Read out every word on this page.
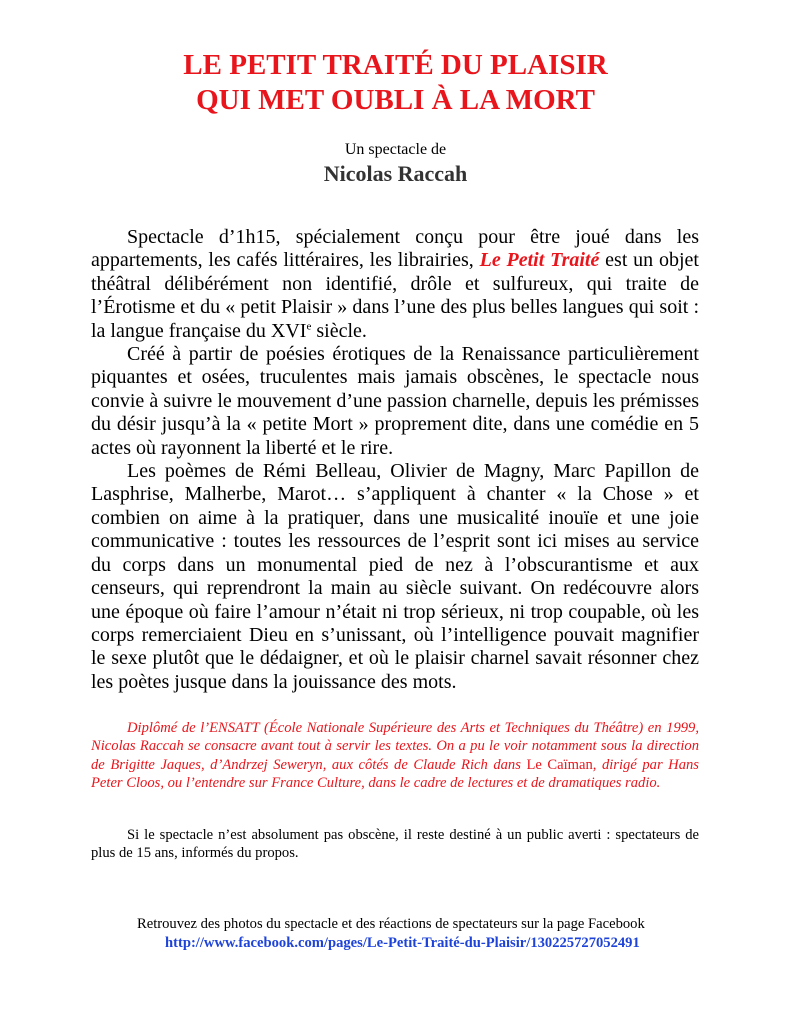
LE PETIT TRAITÉ DU PLAISIR
QUI MET OUBLI À LA MORT
Un spectacle de
Nicolas Raccah

Spectacle d’1h15, spécialement conçu pour être joué dans les appartements, les cafés littéraires, les librairies, Le Petit Traité est un objet théâtral délibérément non identifié, drôle et sulfureux, qui traite de l’Érotisme et du « petit Plaisir » dans l’une des plus belles langues qui soit : la langue française du XVIe siècle.

Créé à partir de poésies érotiques de la Renaissance particulièrement piquantes et osées, truculentes mais jamais obscènes, le spectacle nous convie à suivre le mouvement d’une passion charnelle, depuis les prémisses du désir jusqu’à la « petite Mort » proprement dite, dans une comédie en 5 actes où rayonnent la liberté et le rire.

Les poèmes de Rémi Belleau, Olivier de Magny, Marc Papillon de Lasphrise, Malherbe, Marot… s’appliquent à chanter « la Chose » et combien on aime à la pratiquer, dans une musicalité inouïe et une joie communicative : toutes les ressources de l’esprit sont ici mises au service du corps dans un monumental pied de nez à l’obscurantisme et aux censeurs, qui reprendront la main au siècle suivant. On redécouvre alors une époque où faire l’amour n’était ni trop sérieux, ni trop coupable, où les corps remerciaient Dieu en s’unissant, où l’intelligence pouvait magnifier le sexe plutôt que le dédaigner, et où le plaisir charnel savait résonner chez les poètes jusque dans la jouissance des mots.

Diplômé de l’ENSATT (École Nationale Supérieure des Arts et Techniques du Théâtre) en 1999, Nicolas Raccah se consacre avant tout à servir les textes. On a pu le voir notamment sous la direction de Brigitte Jaques, d’Andrzej Seweryn, aux côtés de Claude Rich dans Le Caïman, dirigé par Hans Peter Cloos, ou l’entendre sur France Culture, dans le cadre de lectures et de dramatiques radio.

Si le spectacle n’est absolument pas obscène, il reste destiné à un public averti : spectateurs de plus de 15 ans, informés du propos.

Retrouvez des photos du spectacle et des réactions de spectateurs sur la page Facebook
http://www.facebook.com/pages/Le-Petit-Traité-du-Plaisir/130225727052491
